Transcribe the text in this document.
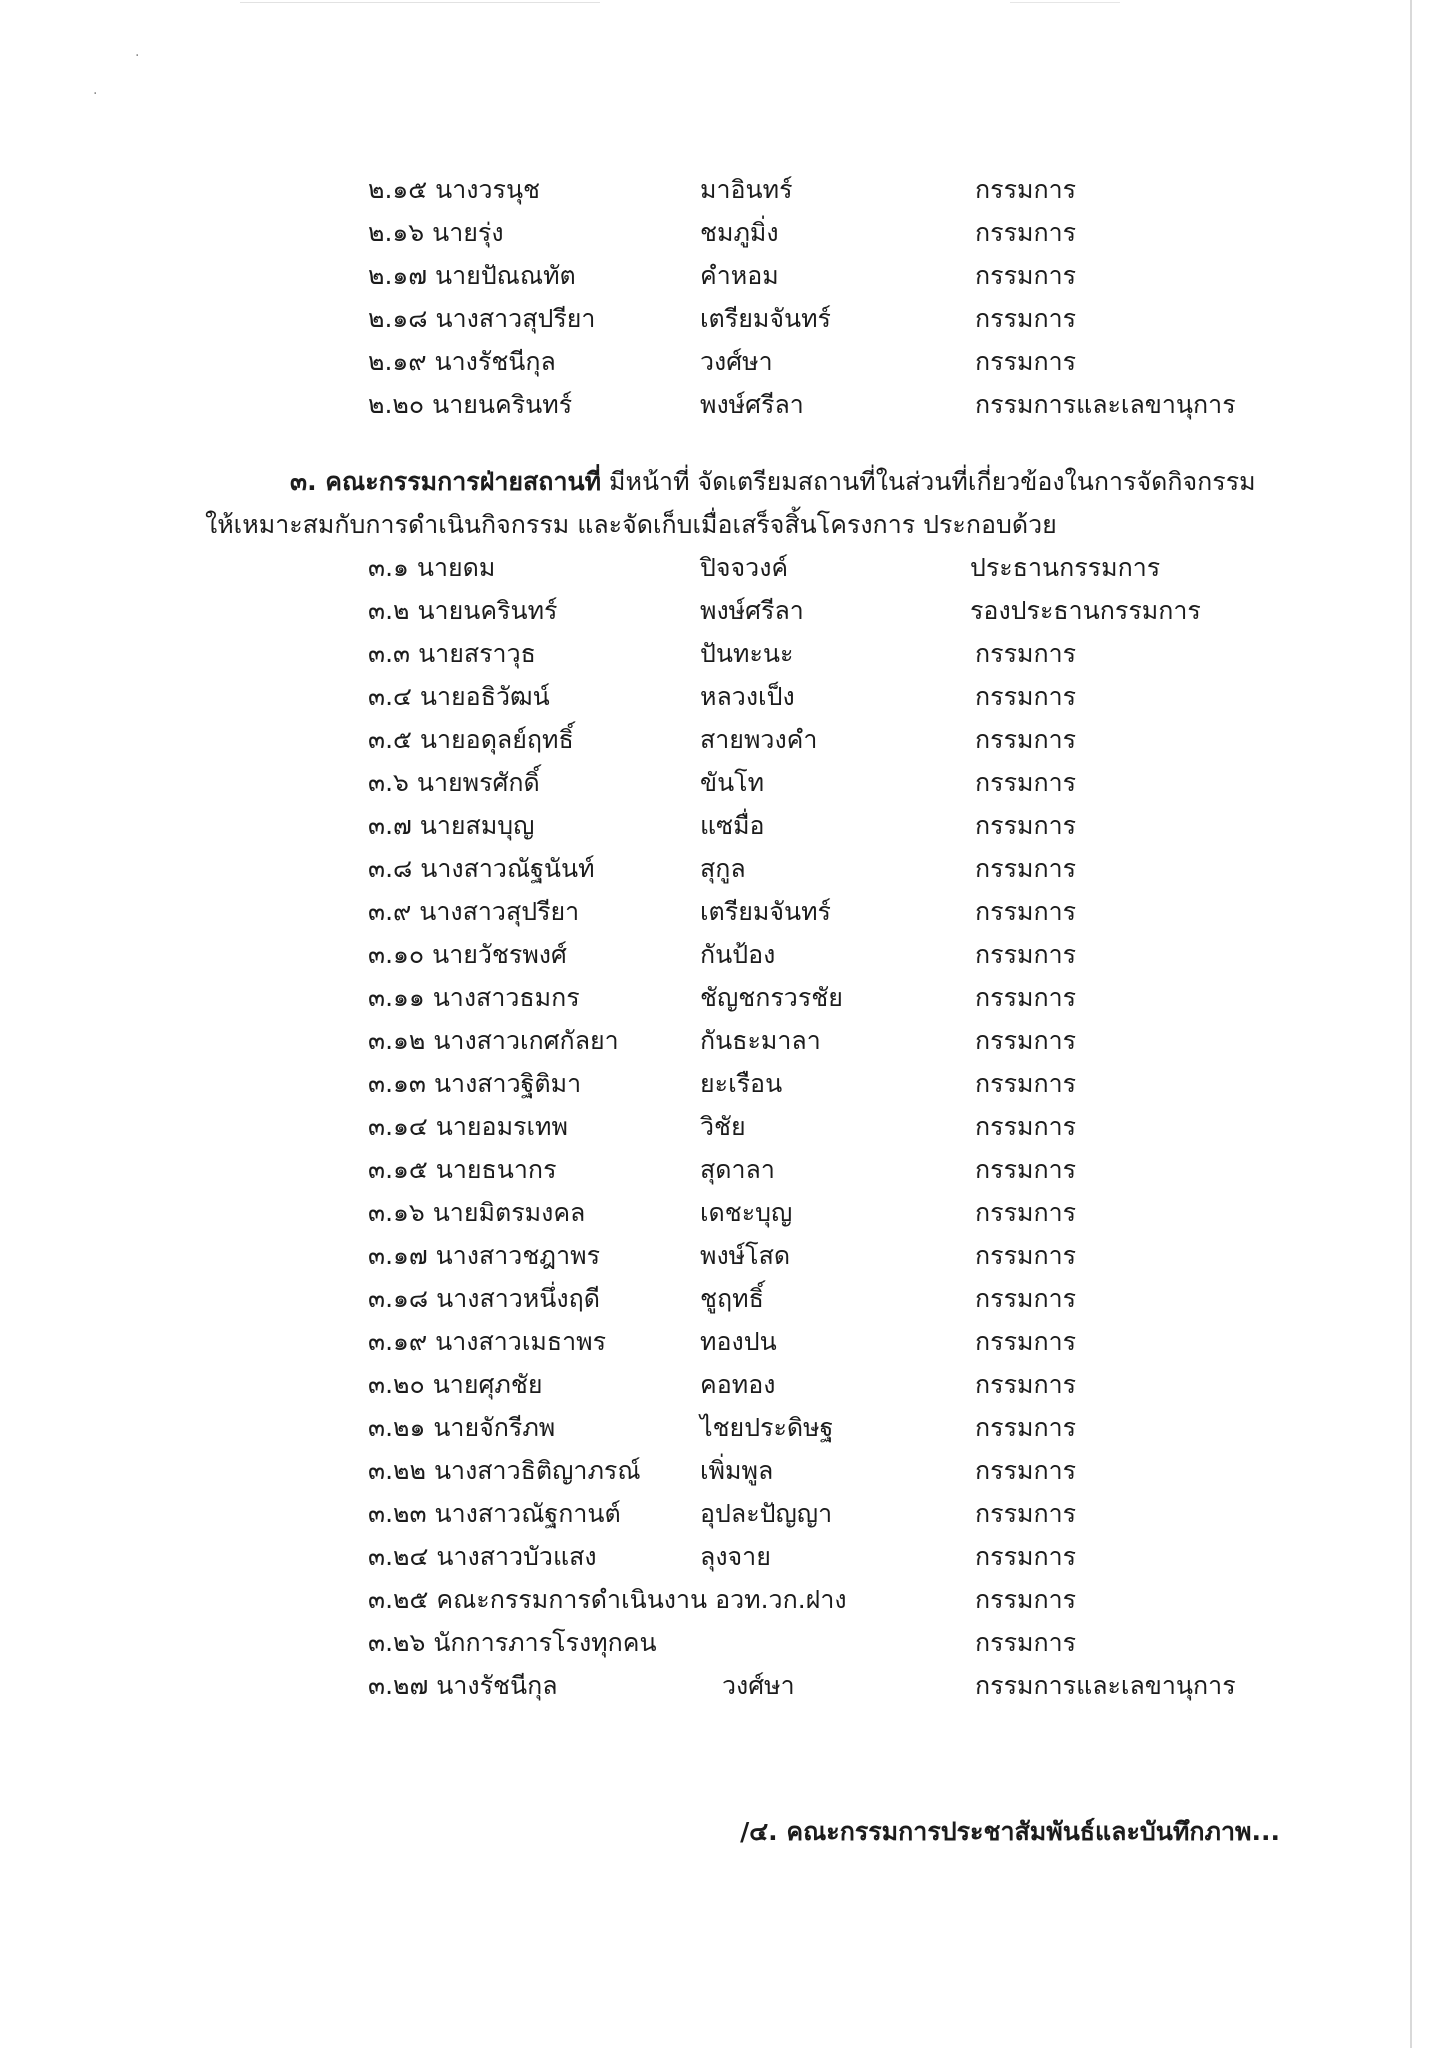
·
·
๒.๑๕ นางวรนุช	มาอินทร์	กรรมการ
๒.๑๖ นายรุ่ง	ชมภูมิ่ง	กรรมการ
๒.๑๗ นายปัณณทัต	คำหอม	กรรมการ
๒.๑๘ นางสาวสุปรียา	เตรียมจันทร์	กรรมการ
๒.๑๙ นางรัชนีกุล	วงศ์ษา	กรรมการ
๒.๒๐ นายนครินทร์	พงษ์ศรีลา	กรรมการและเลขานุการ
๓. คณะกรรมการฝ่ายสถานที่ มีหน้าที่ จัดเตรียมสถานที่ในส่วนที่เกี่ยวข้องในการจัดกิจกรรม
ให้เหมาะสมกับการดำเนินกิจกรรม และจัดเก็บเมื่อเสร็จสิ้นโครงการ ประกอบด้วย
๓.๑ นายดม	ปิจจวงค์	ประธานกรรมการ
๓.๒ นายนครินทร์	พงษ์ศรีลา	รองประธานกรรมการ
๓.๓ นายสราวุธ	ปันทะนะ	กรรมการ
๓.๔ นายอธิวัฒน์	หลวงเป็ง	กรรมการ
๓.๕ นายอดุลย์ฤทธิ์	สายพวงคำ	กรรมการ
๓.๖ นายพรศักดิ์	ขันโท	กรรมการ
๓.๗ นายสมบุญ	แซมื่อ	กรรมการ
๓.๘ นางสาวณัฐนันท์	สุกูล	กรรมการ
๓.๙ นางสาวสุปรียา	เตรียมจันทร์	กรรมการ
๓.๑๐ นายวัชรพงศ์	กันป้อง	กรรมการ
๓.๑๑ นางสาวธมกร	ชัญชกรวรชัย	กรรมการ
๓.๑๒ นางสาวเกศกัลยา	กันธะมาลา	กรรมการ
๓.๑๓ นางสาวฐิติมา	ยะเรือน	กรรมการ
๓.๑๔ นายอมรเทพ	วิชัย	กรรมการ
๓.๑๕ นายธนากร	สุดาลา	กรรมการ
๓.๑๖ นายมิตรมงคล	เดชะบุญ	กรรมการ
๓.๑๗ นางสาวชฎาพร	พงษ์โสด	กรรมการ
๓.๑๘ นางสาวหนึ่งฤดี	ชูฤทธิ์	กรรมการ
๓.๑๙ นางสาวเมธาพร	ทองปน	กรรมการ
๓.๒๐ นายศุภชัย	คอทอง	กรรมการ
๓.๒๑ นายจักรีภพ	ไชยประดิษฐ	กรรมการ
๓.๒๒ นางสาวธิติญาภรณ์ เพิ่มพูล	กรรมการ
๓.๒๓ นางสาวณัฐกานต์	อุปละปัญญา	กรรมการ
๓.๒๔ นางสาวบัวแสง	ลุงจาย	กรรมการ
๓.๒๕ คณะกรรมการดำเนินงาน อวท.วก.ฝาง	กรรมการ
๓.๒๖ นักการภารโรงทุกคน	กรรมการ
๓.๒๗ นางรัชนีกุล	วงศ์ษา	กรรมการและเลขานุการ
/๔. คณะกรรมการประชาสัมพันธ์และบันทึกภาพ...
